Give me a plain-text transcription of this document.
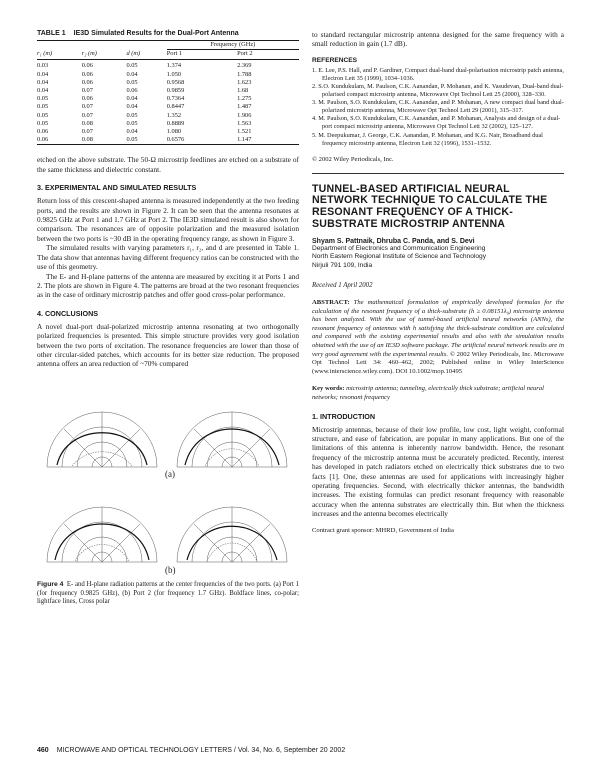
TABLE 1 IE3D Simulated Results for the Dual-Port Antenna
			Frequency (GHz)	
r₁ (m)	r₂ (m)	d (m)	Port 1	Port 2
0.03	0.06	0.05	1.374	2.369
0.04	0.06	0.04	1.050	1.788
0.04	0.06	0.05	0.9568	1.623
0.04	0.07	0.06	0.9859	1.68
0.05	0.06	0.04	0.7364	1.275
0.05	0.07	0.04	0.8447	1.487
0.05	0.07	0.05	1.352	1.906
0.05	0.08	0.05	0.8889	1.563
0.06	0.07	0.04	1.080	1.521
0.06	0.08	0.05	0.6576	1.147

etched on the above substrate. The 50-Ω microstrip feedlines are etched on a substrate of the same thickness and dielectric constant.

3. EXPERIMENTAL AND SIMULATED RESULTS

Return loss of this crescent-shaped antenna is measured independently at the two feeding ports, and the results are shown in Figure 2. It can be seen that the antenna resonates at 0.9825 GHz at Port 1 and 1.7 GHz at Port 2. The IE3D simulated result is also shown for comparison. The resonances are of opposite polarization and the measured isolation between the two ports is ~30 dB in the operating frequency range, as shown in Figure 3.

The simulated results with varying parameters r₁, r₂, and d are presented in Table 1. The data show that antennas having different frequency ratios can be constructed with the use of this geometry.

The E- and H-plane patterns of the antenna are measured by exciting it at Ports 1 and 2. The plots are shown in Figure 4. The patterns are broad at the two resonant frequencies as in the case of ordinary microstrip patches and offer good cross-polar performance.

4. CONCLUSIONS

A novel dual-port dual-polarized microstrip antenna resonating at two orthogonally polarized frequencies is presented. This simple structure provides very good isolation between the two ports of excitation. The resonance frequencies are lower than those of other circular-sided patches, which accounts for its better size reduction. The proposed antenna offers an area reduction of ~70% compared

(a)
(b)

Figure 4 E- and H-plane radiation patterns at the center frequencies of the two ports. (a) Port 1 (for frequency 0.9825 GHz), (b) Port 2 (for frequency 1.7 GHz). Boldface lines, co-polar; lightface lines, Cross polar

to standard rectangular microstrip antenna designed for the same frequency with a small reduction in gain (1.7 dB).

REFERENCES
1. E. Lee, P.S. Hall, and P. Gardiner, Compact dual-band dual-polarisation microstrip patch antenna, Electron Lett 35 (1999), 1034–1036.
2. S.O. Kundukulam, M. Paulson, C.K. Aanandan, P. Mohanan, and K. Vasudevan, Dual-band dual-polarised compact microstrip antenna, Microwave Opt Technol Lett 25 (2000), 328–330.
3. M. Paulson, S.O. Kundukulam, C.K. Aanandan, and P. Mohanan, A new compact dual band dual-polarized microstrip antenna, Microwave Opt Technol Lett 29 (2001), 315–317.
4. M. Paulson, S.O. Kundukulam, C.K. Aanandan, and P. Mohanan, Analysis and design of a dual-port compact microstrip antenna, Microwave Opt Technol Lett 32 (2002), 125–127.
5. M. Deepukumar, J. George, C.K. Aanandan, P. Mohanan, and K.G. Nair, Broadband dual frequency microstrip antenna, Electron Lett 32 (1996), 1531–1532.
© 2002 Wiley Periodicals, Inc.
TUNNEL-BASED ARTIFICIAL NEURAL NETWORK TECHNIQUE TO CALCULATE THE RESONANT FREQUENCY OF A THICK-SUBSTRATE MICROSTRIP ANTENNA
Shyam S. Pattnaik, Dhruba C. Panda, and S. Devi
Department of Electronics and Communication Engineering
North Eastern Regional Institute of Science and Technology
Nirjuli 791 109, India
Received 1 April 2002

ABSTRACT: The mathematical formulation of empirically developed formulas for the calculation of the resonant frequency of a thick-substrate (h ≥ 0.08151λ₀) microstrip antenna has been analyzed. With the use of tunnel-based artificial neural networks (ANNs), the resonant frequency of antennas with h satisfying the thick-substrate condition are calculated and compared with the existing experimental results and also with the simulation results obtained with the use of an IE3D software package. The artificial neural network results are in very good agreement with the experimental results. © 2002 Wiley Periodicals, Inc. Microwave Opt Technol Lett 34: 460–462, 2002; Published online in Wiley InterScience (www.interscience.wiley.com). DOI 10.1002/mop.10495

Key words: microstrip antenna; tunneling, electrically thick substrate; artificial neural networks; resonant frequency

1. INTRODUCTION

Microstrip antennas, because of their low profile, low cost, light weight, conformal structure, and ease of fabrication, are popular in many applications. But one of the limitations of this antenna is inherently narrow bandwidth. Hence, the resonant frequency of the microstrip antenna must be accurately predicted. Recently, interest has developed in patch radiators etched on electrically thick substrates due to two facts [1]. One, these antennas are used for applications with increasingly higher operating frequencies. Second, with electrically thicker antennas, the bandwidth increases. The existing formulas can predict resonant frequency with reasonable accuracy when the antenna substrates are electrically thin. But when the thickness increases and the antenna becomes electrically

Contract grant sponsor: MHRD, Government of India
460 MICROWAVE AND OPTICAL TECHNOLOGY LETTERS / Vol. 34, No. 6, September 20 2002
